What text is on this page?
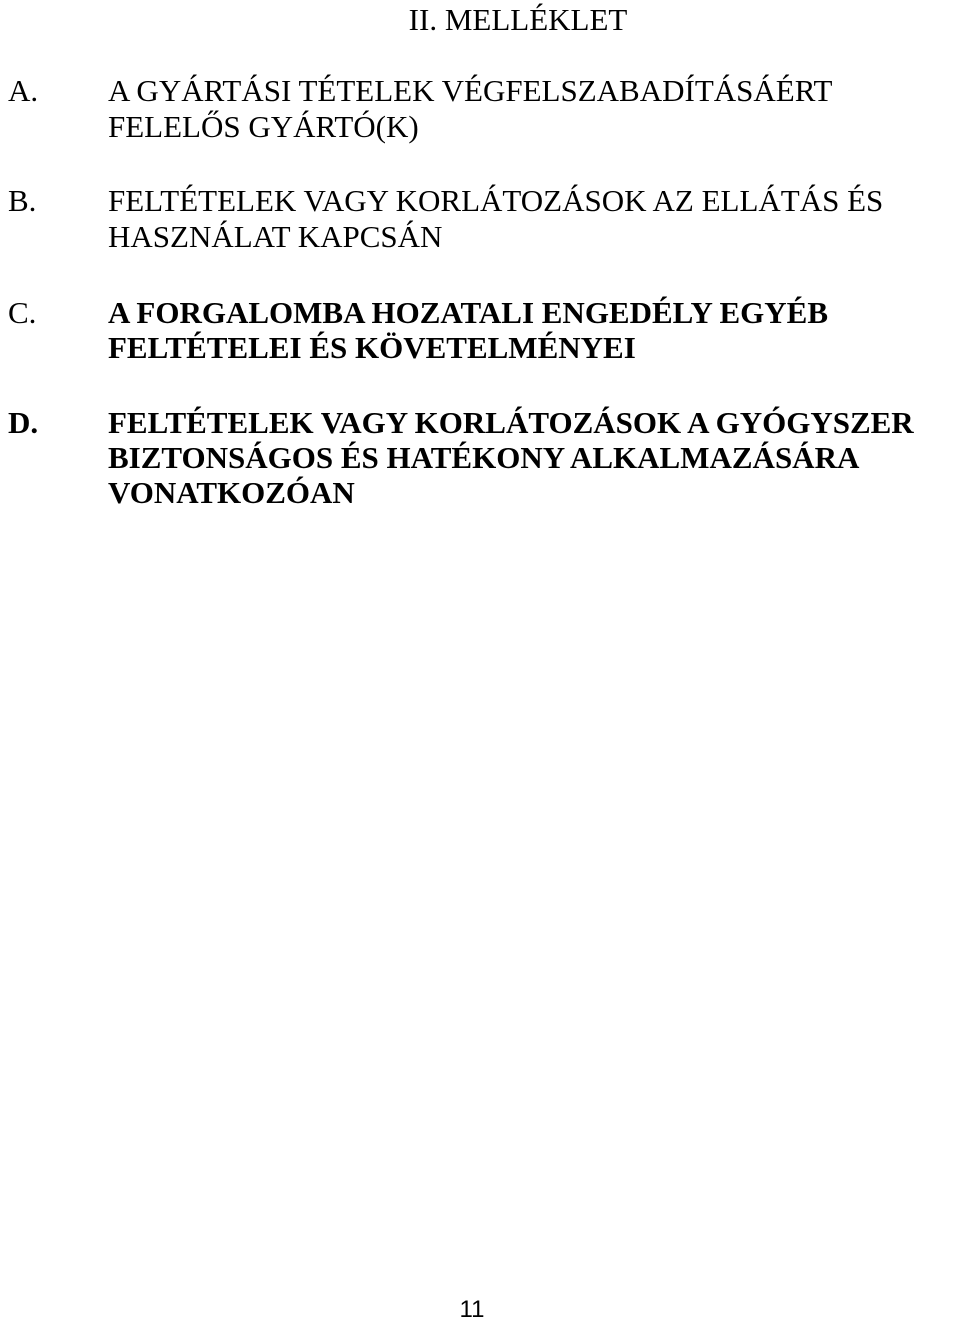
II. MELLÉKLET
A. A GYÁRTÁSI TÉTELEK VÉGFELSZABADÍTÁSÁÉRT
FELELŐS GYÁRTÓ(K)
B. FELTÉTELEK VAGY KORLÁTOZÁSOK AZ ELLÁTÁS ÉS
HASZNÁLAT KAPCSÁN
C. A FORGALOMBA HOZATALI ENGEDÉLY EGYÉB
FELTÉTELEI ÉS KÖVETELMÉNYEI
D. FELTÉTELEK VAGY KORLÁTOZÁSOK A GYÓGYSZER
BIZTONSÁGOS ÉS HATÉKONY ALKALMAZÁSÁRA
VONATKOZÓAN
11
